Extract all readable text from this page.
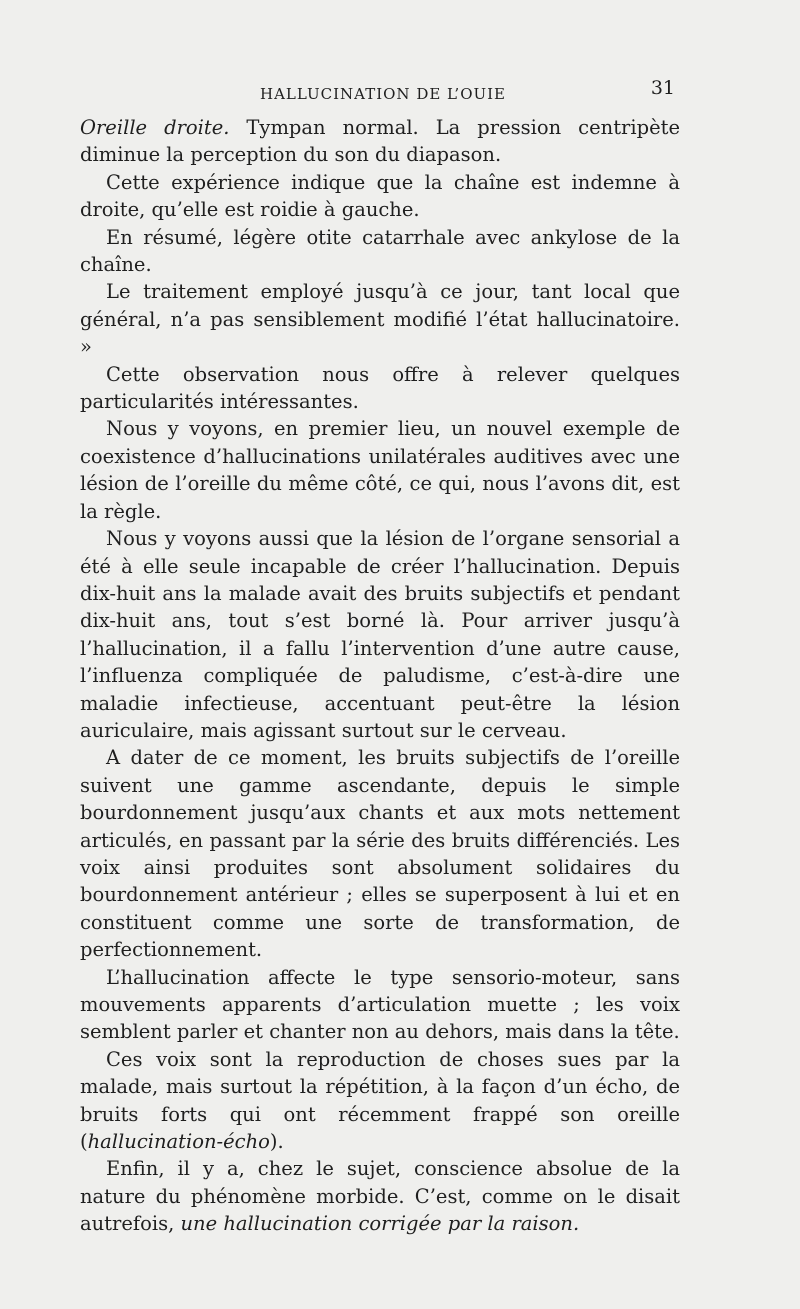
HALLUCINATION DE L’OUIE	31

Oreille droite. Tympan normal. La pression centripète diminue la perception du son du diapason.

Cette expérience indique que la chaîne est indemne à droite, qu’elle est roidie à gauche.

En résumé, légère otite catarrhale avec ankylose de la chaîne.

Le traitement employé jusqu’à ce jour, tant local que général, n’a pas sensiblement modifié l’état hallucinatoire. »

Cette observation nous offre à relever quelques particularités intéressantes.

Nous y voyons, en premier lieu, un nouvel exemple de coexistence d’hallucinations unilatérales auditives avec une lésion de l’oreille du même côté, ce qui, nous l’avons dit, est la règle.

Nous y voyons aussi que la lésion de l’organe sensorial a été à elle seule incapable de créer l’hallucination. Depuis dix-huit ans la malade avait des bruits subjectifs et pendant dix-huit ans, tout s’est borné là. Pour arriver jusqu’à l’hallucination, il a fallu l’intervention d’une autre cause, l’influenza compliquée de paludisme, c’est-à-dire une maladie infectieuse, accentuant peut-être la lésion auriculaire, mais agissant surtout sur le cerveau.

A dater de ce moment, les bruits subjectifs de l’oreille suivent une gamme ascendante, depuis le simple bourdonnement jusqu’aux chants et aux mots nettement articulés, en passant par la série des bruits différenciés. Les voix ainsi produites sont absolument solidaires du bourdonnement antérieur ; elles se superposent à lui et en constituent comme une sorte de transformation, de perfectionnement.

L’hallucination affecte le type sensorio-moteur, sans mouvements apparents d’articulation muette ; les voix semblent parler et chanter non au dehors, mais dans la tête.

Ces voix sont la reproduction de choses sues par la malade, mais surtout la répétition, à la façon d’un écho, de bruits forts qui ont récemment frappé son oreille (hallucination-écho).

Enfin, il y a, chez le sujet, conscience absolue de la nature du phénomène morbide. C’est, comme on le disait autrefois, une hallucination corrigée par la raison.
